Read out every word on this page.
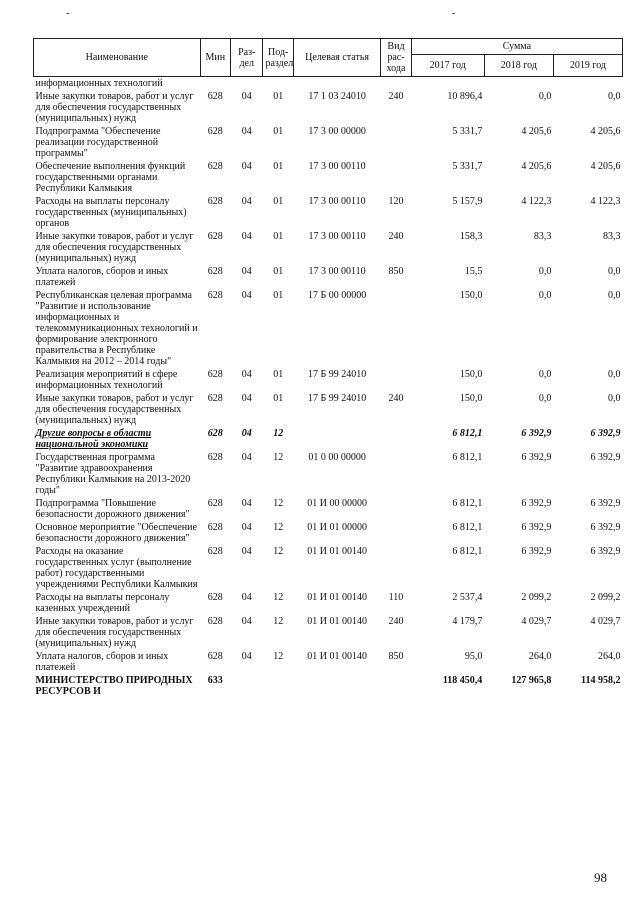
-	-
Наименование	Мин	Раз-дел	Под-раздел	Целевая статья	Вид рас-хода	Сумма		
						2017 год	2018 год	2019 год
информационных технологий								
Иные закупки товаров, работ и услуг для обеспечения государственных (муниципальных) нужд	628	04	01	17 1 03 24010	240	10 896,4	0,0	0,0
Подпрограмма "Обеспечение реализации государственной программы"	628	04	01	17 3 00 00000		5 331,7	4 205,6	4 205,6
Обеспечение выполнения функций государственными органами Республики Калмыкия	628	04	01	17 3 00 00110		5 331,7	4 205,6	4 205,6
Расходы на выплаты персоналу государственных (муниципальных) органов	628	04	01	17 3 00 00110	120	5 157,9	4 122,3	4 122,3
Иные закупки товаров, работ и услуг для обеспечения государственных (муниципальных) нужд	628	04	01	17 3 00 00110	240	158,3	83,3	83,3
Уплата налогов, сборов и иных платежей	628	04	01	17 3 00 00110	850	15,5	0,0	0,0
Республиканская целевая программа "Развитие и использование информационных и телекоммуникационных технологий и формирование электронного правительства в Республике Калмыкия на 2012 – 2014 годы"	628	04	01	17 Б 00 00000		150,0	0,0	0,0
Реализация мероприятий в сфере информационных технологий	628	04	01	17 Б 99 24010		150,0	0,0	0,0
Иные закупки товаров, работ и услуг для обеспечения государственных (муниципальных) нужд	628	04	01	17 Б 99 24010	240	150,0	0,0	0,0
Другие вопросы в области национальной экономики	628	04	12			6 812,1	6 392,9	6 392,9
Государственная программа "Развитие здравоохранения Республики Калмыкия на 2013-2020 годы"	628	04	12	01 0 00 00000		6 812,1	6 392,9	6 392,9
Подпрограмма "Повышение безопасности дорожного движения"	628	04	12	01 И 00 00000		6 812,1	6 392,9	6 392,9
Основное мероприятие "Обеспечение безопасности дорожного движения"	628	04	12	01 И 01 00000		6 812,1	6 392,9	6 392,9
Расходы на оказание государственных услуг (выполнение работ) государственными учреждениями Республики Калмыкия	628	04	12	01 И 01 00140		6 812,1	6 392,9	6 392,9
Расходы на выплаты персоналу казенных учреждений	628	04	12	01 И 01 00140	110	2 537,4	2 099,2	2 099,2
Иные закупки товаров, работ и услуг для обеспечения государственных (муниципальных) нужд	628	04	12	01 И 01 00140	240	4 179,7	4 029,7	4 029,7
Уплата налогов, сборов и иных платежей	628	04	12	01 И 01 00140	850	95,0	264,0	264,0
МИНИСТЕРСТВО ПРИРОДНЫХ РЕСУРСОВ И	633					118 450,4	127 965,8	114 958,2
98
